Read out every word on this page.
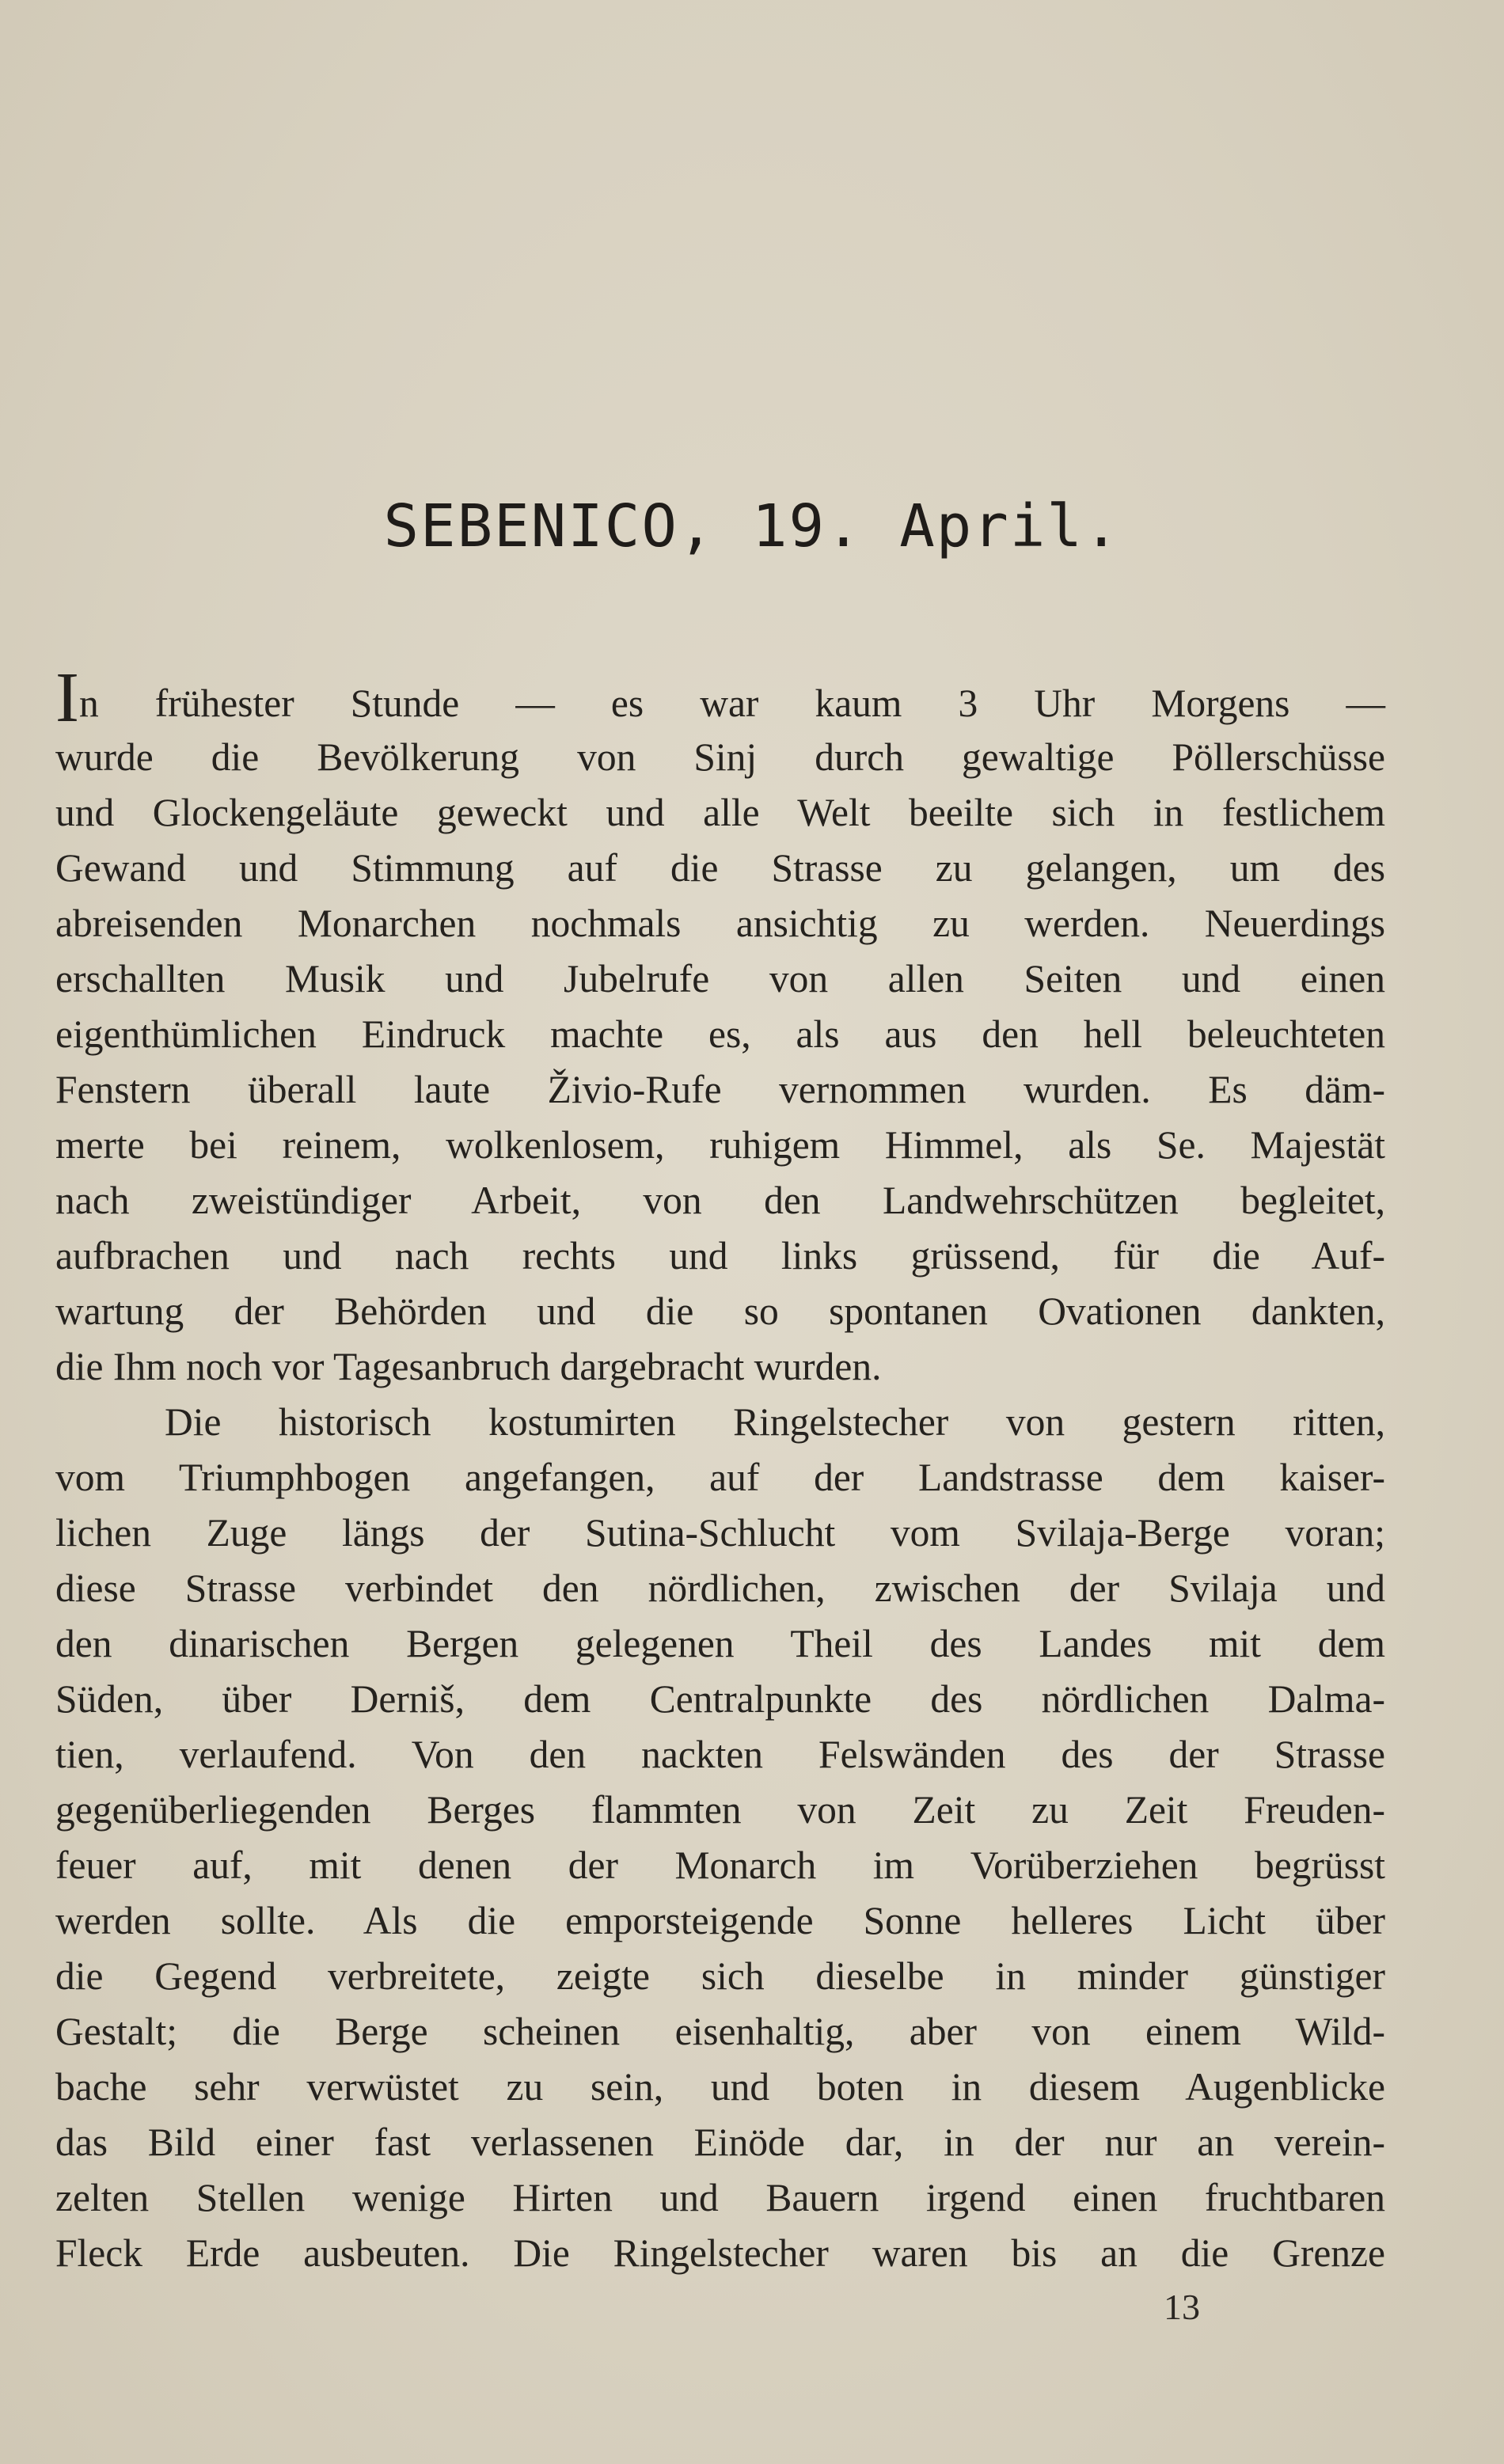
SEBENICO, 19. April.
In frühester Stunde — es war kaum 3 Uhr Morgens —
wurde die Bevölkerung von Sinj durch gewaltige Pöllerschüsse
und Glockengeläute geweckt und alle Welt beeilte sich in festlichem
Gewand und Stimmung auf die Strasse zu gelangen, um des
abreisenden Monarchen nochmals ansichtig zu werden. Neuerdings
erschallten Musik und Jubelrufe von allen Seiten und einen
eigenthümlichen Eindruck machte es, als aus den hell beleuchteten
Fenstern überall laute Živio-Rufe vernommen wurden. Es däm-
merte bei reinem, wolkenlosem, ruhigem Himmel, als Se. Majestät
nach zweistündiger Arbeit, von den Landwehrschützen begleitet,
aufbrachen und nach rechts und links grüssend, für die Auf-
wartung der Behörden und die so spontanen Ovationen dankten,
die Ihm noch vor Tagesanbruch dargebracht wurden.
Die historisch kostumirten Ringelstecher von gestern ritten,
vom Triumphbogen angefangen, auf der Landstrasse dem kaiser-
lichen Zuge längs der Sutina-Schlucht vom Svilaja-Berge voran;
diese Strasse verbindet den nördlichen, zwischen der Svilaja und
den dinarischen Bergen gelegenen Theil des Landes mit dem
Süden, über Derniš, dem Centralpunkte des nördlichen Dalma-
tien, verlaufend. Von den nackten Felswänden des der Strasse
gegenüberliegenden Berges flammten von Zeit zu Zeit Freuden-
feuer auf, mit denen der Monarch im Vorüberziehen begrüsst
werden sollte. Als die emporsteigende Sonne helleres Licht über
die Gegend verbreitete, zeigte sich dieselbe in minder günstiger
Gestalt; die Berge scheinen eisenhaltig, aber von einem Wild-
bache sehr verwüstet zu sein, und boten in diesem Augenblicke
das Bild einer fast verlassenen Einöde dar, in der nur an verein-
zelten Stellen wenige Hirten und Bauern irgend einen fruchtbaren
Fleck Erde ausbeuten. Die Ringelstecher waren bis an die Grenze
13
